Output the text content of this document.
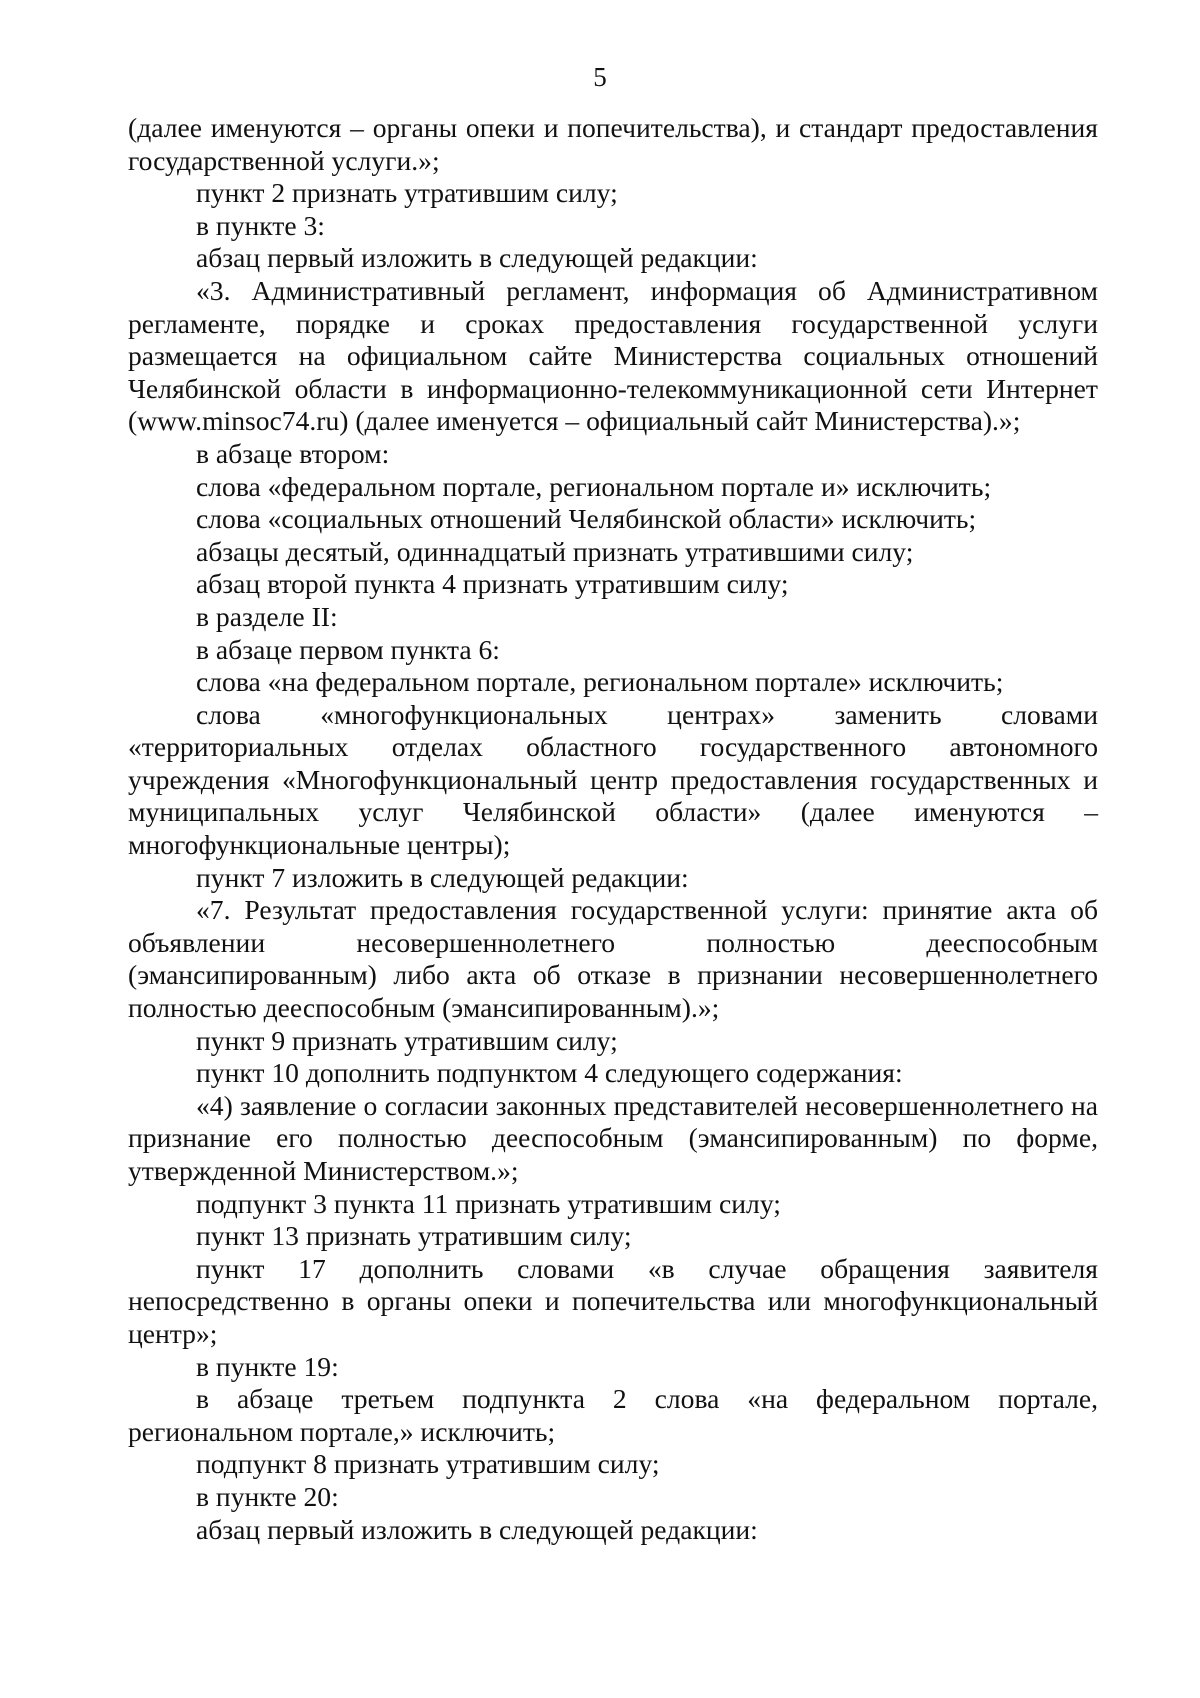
5

(далее именуются – органы опеки и попечительства), и стандарт предоставления государственной услуги.»;

пункт 2 признать утратившим силу;

в пункте 3:

абзац первый изложить в следующей редакции:

«3. Административный регламент, информация об Административном регламенте, порядке и сроках предоставления государственной услуги размещается на официальном сайте Министерства социальных отношений Челябинской области в информационно-телекоммуникационной сети Интернет (www.minsoc74.ru) (далее именуется – официальный сайт Министерства).»;

в абзаце втором:

слова «федеральном портале, региональном портале и» исключить;

слова «социальных отношений Челябинской области» исключить;

абзацы десятый, одиннадцатый признать утратившими силу;

абзац второй пункта 4 признать утратившим силу;

в разделе II:

в абзаце первом пункта 6:

слова «на федеральном портале, региональном портале» исключить;

слова «многофункциональных центрах» заменить словами «территориальных отделах областного государственного автономного учреждения «Многофункциональный центр предоставления государственных и муниципальных услуг Челябинской области» (далее именуются – многофункциональные центры);

пункт 7 изложить в следующей редакции:

«7. Результат предоставления государственной услуги: принятие акта об объявлении несовершеннолетнего полностью дееспособным (эмансипированным) либо акта об отказе в признании несовершеннолетнего полностью дееспособным (эмансипированным).»;

пункт 9 признать утратившим силу;

пункт 10 дополнить подпунктом 4 следующего содержания:

«4) заявление о согласии законных представителей несовершеннолетнего на признание его полностью дееспособным (эмансипированным) по форме, утвержденной Министерством.»;

подпункт 3 пункта 11 признать утратившим силу;

пункт 13 признать утратившим силу;

пункт 17 дополнить словами «в случае обращения заявителя непосредственно в органы опеки и попечительства или многофункциональный центр»;

в пункте 19:

в абзаце третьем подпункта 2 слова «на федеральном портале, региональном портале,» исключить;

подпункт 8 признать утратившим силу;

в пункте 20:

абзац первый изложить в следующей редакции:
